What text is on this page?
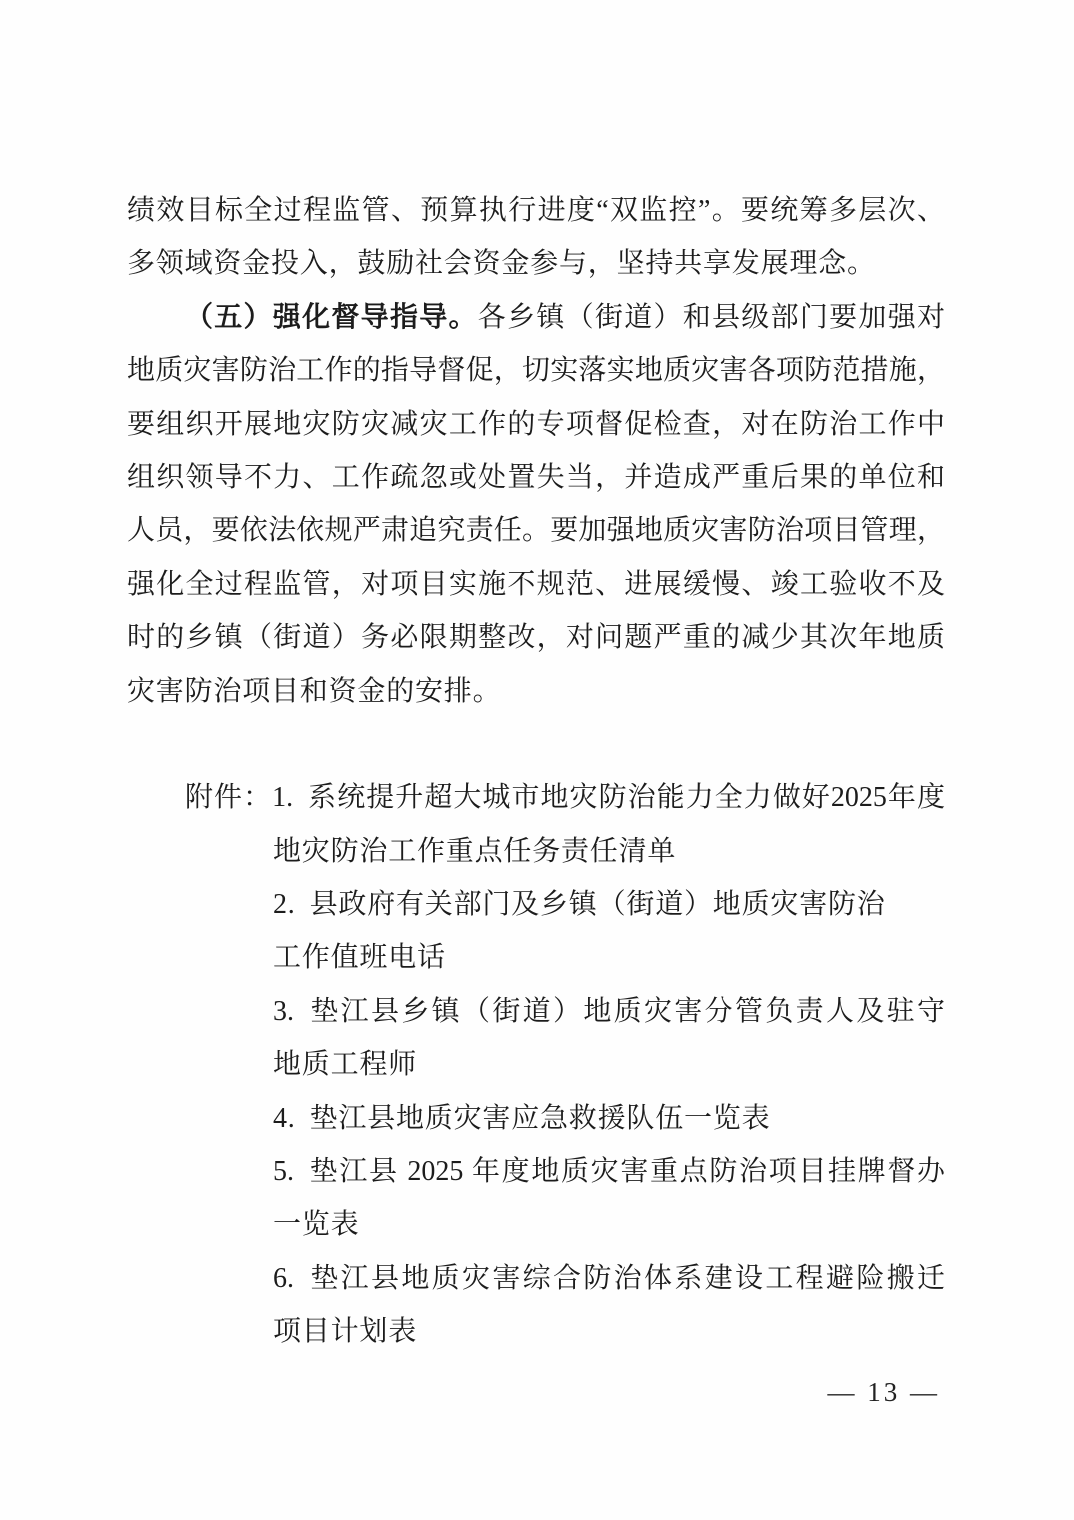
绩效目标全过程监管、预算执行进度“双监控”。要统筹多层次、
多领域资金投入，鼓励社会资金参与，坚持共享发展理念。
（五）强化督导指导。各乡镇（街道）和县级部门要加强对
地质灾害防治工作的指导督促，切实落实地质灾害各项防范措施，
要组织开展地灾防灾减灾工作的专项督促检查，对在防治工作中
组织领导不力、工作疏忽或处置失当，并造成严重后果的单位和
人员，要依法依规严肃追究责任。要加强地质灾害防治项目管理，
强化全过程监管，对项目实施不规范、进展缓慢、竣工验收不及
时的乡镇（街道）务必限期整改，对问题严重的减少其次年地质
灾害防治项目和资金的安排。
附件：1. 系统提升超大城市地灾防治能力全力做好2025年度
地灾防治工作重点任务责任清单
2. 县政府有关部门及乡镇（街道）地质灾害防治
工作值班电话
3. 垫江县乡镇（街道）地质灾害分管负责人及驻守
地质工程师
4. 垫江县地质灾害应急救援队伍一览表
5. 垫江县 2025 年度地质灾害重点防治项目挂牌督办
一览表
6. 垫江县地质灾害综合防治体系建设工程避险搬迁
项目计划表
— 13 —
